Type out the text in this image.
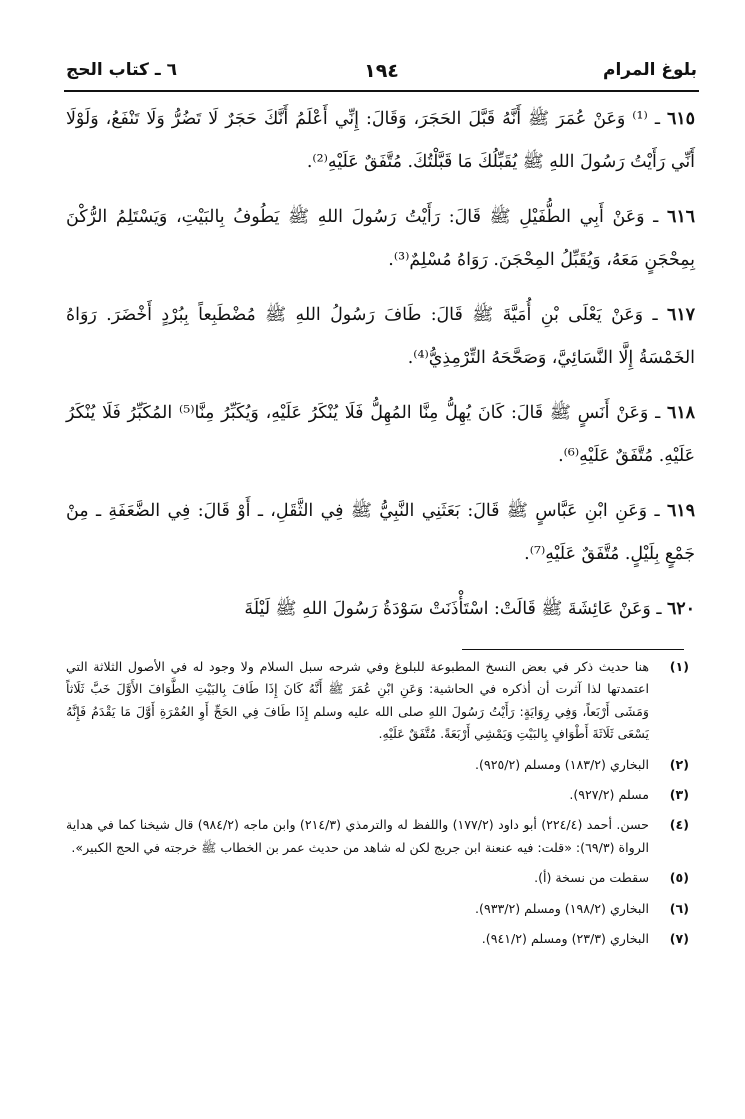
بلوغ المرام
١٩٤
٦ ـ كتاب الحج

٦١٥ ـ ⁽¹⁾ وَعَنْ عُمَرَ ﷺ أَنَّهُ قَبَّلَ الحَجَرَ، وَقَالَ: إِنِّي أَعْلَمُ أَنَّكَ حَجَرٌ لَا تَضُرُّ وَلَا تَنْفَعُ، وَلَوْلَا أَنِّي رَأَيْتُ رَسُولَ اللهِ ﷺ يُقَبِّلُكَ مَا قَبَّلْتُكَ. مُتَّفَقٌ عَلَيْهِ⁽²⁾.

٦١٦ ـ وَعَنْ أَبِي الطُّفَيْلِ ﷺ قَالَ: رَأَيْتُ رَسُولَ اللهِ ﷺ يَطُوفُ بِالبَيْتِ، وَيَسْتَلِمُ الرُّكْنَ بِمِحْجَنٍ مَعَهُ، وَيُقَبِّلُ المِحْجَنَ. رَوَاهُ مُسْلِمٌ⁽³⁾.

٦١٧ ـ وَعَنْ يَعْلَى بْنِ أُمَيَّةَ ﷺ قَالَ: طَافَ رَسُولُ اللهِ ﷺ مُضْطَبِعاً بِبُرْدٍ أَخْضَرَ. رَوَاهُ الخَمْسَةُ إِلَّا النَّسَائِيَّ، وَصَحَّحَهُ التِّرْمِذِيُّ⁽⁴⁾.

٦١٨ ـ وَعَنْ أَنَسٍ ﷺ قَالَ: كَانَ يُهِلُّ مِنَّا المُهِلُّ فَلَا يُنْكَرُ عَلَيْهِ، وَيُكَبِّرُ مِنَّا⁽⁵⁾ المُكَبِّرُ فَلَا يُنْكَرُ عَلَيْهِ. مُتَّفَقٌ عَلَيْهِ⁽⁶⁾.

٦١٩ ـ وَعَنِ ابْنِ عَبَّاسٍ ﷺ قَالَ: بَعَثَنِي النَّبِيُّ ﷺ فِي الثَّقَلِ، ـ أَوْ قَالَ: فِي الضَّعَفَةِ ـ مِنْ جَمْعٍ بِلَيْلٍ. مُتَّفَقٌ عَلَيْهِ⁽⁷⁾.

٦٢٠ ـ وَعَنْ عَائِشَةَ ﷺ قَالَتْ: اسْتَأْذَنَتْ سَوْدَةُ رَسُولَ اللهِ ﷺ لَيْلَةَ

(١)
هنا حديث ذكر في بعض النسخ المطبوعة للبلوغ وفي شرحه سبل السلام ولا وجود له في الأصول الثلاثة التي اعتمدتها لذا آثرت أن أذكره في الحاشية: وَعَنِ ابْنِ عُمَرَ ﷺ أَنَّهُ كَانَ إِذَا طَافَ بِالبَيْتِ الطَّوَافَ الأَوَّلَ خَبَّ ثَلَاثاً وَمَشَى أَرْبَعاً، وَفِي رِوَايَةٍ: رَأَيْتُ رَسُولَ اللهِ صلى الله عليه وسلم إِذَا طَافَ فِي الحَجِّ أَوِ العُمْرَةِ أَوَّلَ مَا يَقْدَمُ فَإِنَّهُ يَسْعَى ثَلَاثَةَ أَطْوَافٍ بِالبَيْتِ وَيَمْشِي أَرْبَعَةً. مُتَّفَقٌ عَلَيْهِ.
(٢)
البخاري (١٨٣/٢) ومسلم (٩٢٥/٢).
(٣)
مسلم (٩٢٧/٢).
(٤)
حسن. أحمد (٢٢٤/٤) أبو داود (١٧٧/٢) واللفظ له والترمذي (٢١٤/٣) وابن ماجه (٩٨٤/٢) قال شيخنا كما في هداية الرواة (٦٩/٣): «قلت: فيه عنعنة ابن جريج لكن له شاهد من حديث عمر بن الخطاب ﷺ خرجته في الحج الكبير».
(٥)
سقطت من نسخة (أ).
(٦)
البخاري (١٩٨/٢) ومسلم (٩٣٣/٢).
(٧)
البخاري (٢٣/٣) ومسلم (٩٤١/٢).
